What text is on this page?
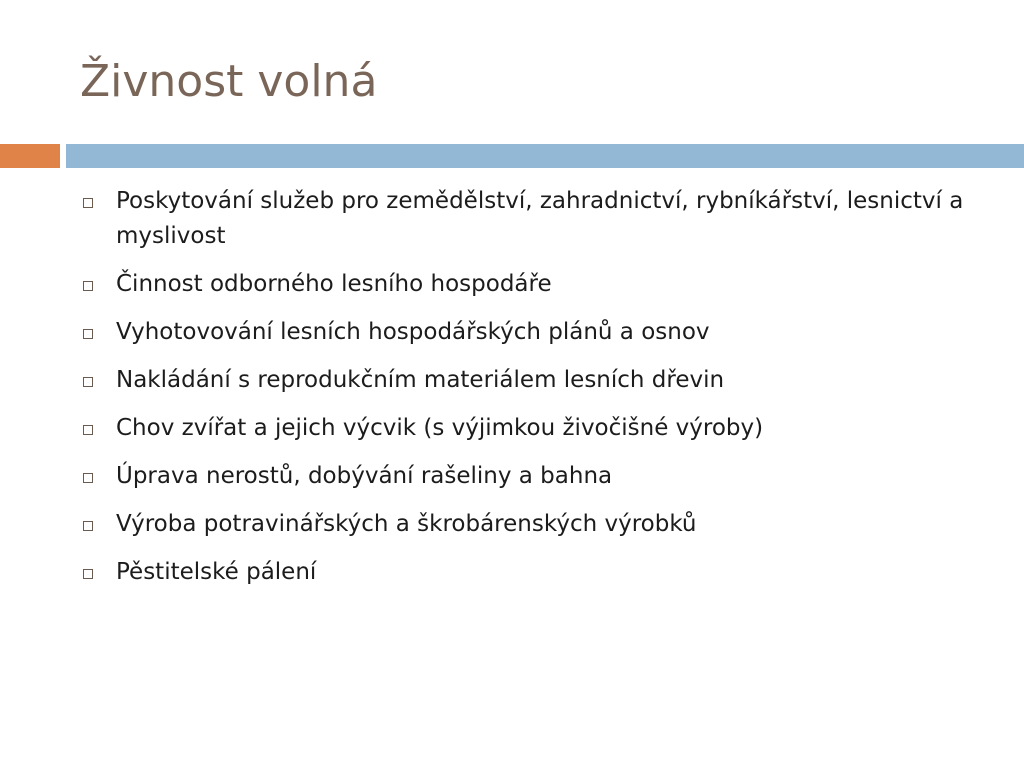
Živnost volná
Poskytování služeb pro zemědělství, zahradnictví, rybníkářství, lesnictví a myslivost
Činnost odborného lesního hospodáře
Vyhotovování lesních hospodářských plánů a osnov
Nakládání s reprodukčním materiálem lesních dřevin
Chov zvířat a jejich výcvik (s výjimkou živočišné výroby)
Úprava nerostů, dobývání rašeliny a bahna
Výroba potravinářských a škrobárenských výrobků
Pěstitelské pálení
